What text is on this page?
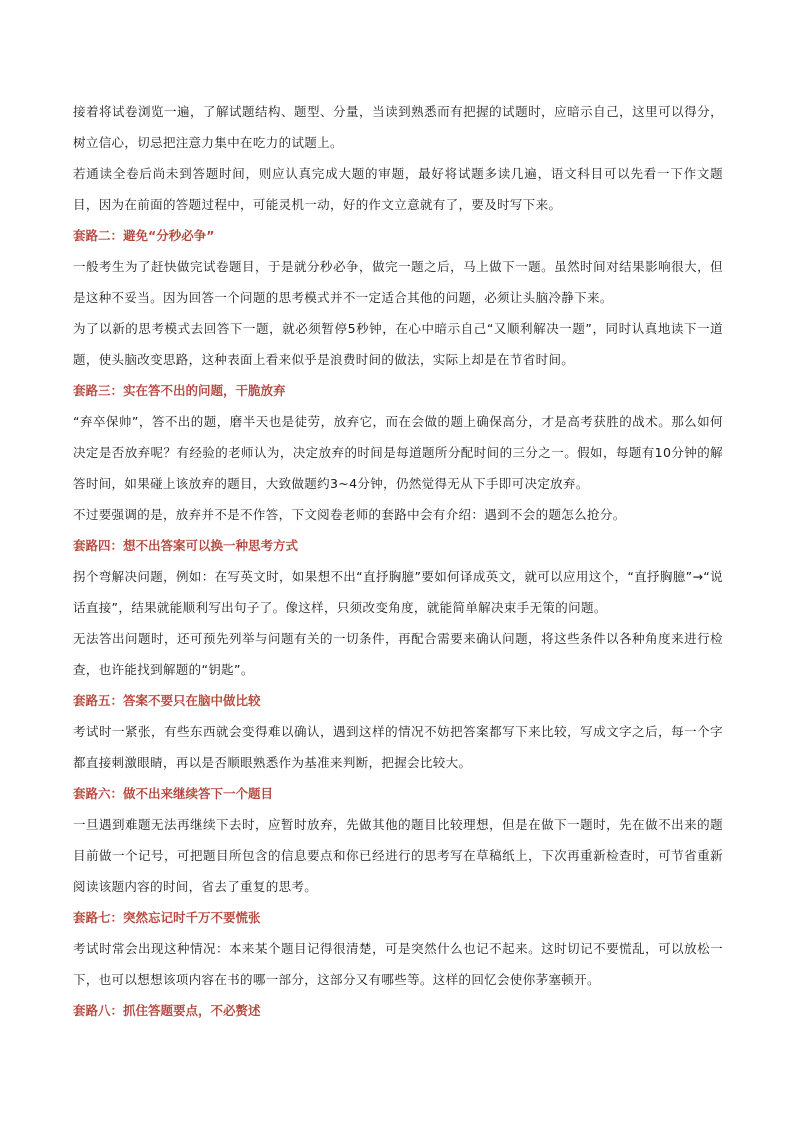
接着将试卷浏览一遍，了解试题结构、题型、分量，当读到熟悉而有把握的试题时，应暗示自己，这里可以得分，树立信心，切忌把注意力集中在吃力的试题上。

若通读全卷后尚未到答题时间，则应认真完成大题的审题，最好将试题多读几遍，语文科目可以先看一下作文题目，因为在前面的答题过程中，可能灵机一动，好的作文立意就有了，要及时写下来。

套路二：避免“分秒必争”

一般考生为了赶快做完试卷题目，于是就分秒必争，做完一题之后，马上做下一题。虽然时间对结果影响很大，但是这种不妥当。因为回答一个问题的思考模式并不一定适合其他的问题，必须让头脑冷静下来。

为了以新的思考模式去回答下一题，就必须暂停5秒钟，在心中暗示自己“又顺利解决一题”，同时认真地读下一道题，使头脑改变思路，这种表面上看来似乎是浪费时间的做法，实际上却是在节省时间。

套路三：实在答不出的问题，干脆放弃

“弃卒保帅”，答不出的题，磨半天也是徒劳，放弃它，而在会做的题上确保高分，才是高考获胜的战术。那么如何决定是否放弃呢？有经验的老师认为，决定放弃的时间是每道题所分配时间的三分之一。假如，每题有10分钟的解答时间，如果碰上该放弃的题目，大致做题约3~4分钟，仍然觉得无从下手即可决定放弃。

不过要强调的是，放弃并不是不作答，下文阅卷老师的套路中会有介绍：遇到不会的题怎么抢分。

套路四：想不出答案可以换一种思考方式

拐个弯解决问题，例如：在写英文时，如果想不出“直抒胸臆”要如何译成英文，就可以应用这个，“直抒胸臆”→“说话直接”，结果就能顺利写出句子了。像这样，只须改变角度，就能简单解决束手无策的问题。

无法答出问题时，还可预先列举与问题有关的一切条件，再配合需要来确认问题，将这些条件以各种角度来进行检查，也许能找到解题的“钥匙”。

套路五：答案不要只在脑中做比较

考试时一紧张，有些东西就会变得难以确认，遇到这样的情况不妨把答案都写下来比较，写成文字之后，每一个字都直接刺激眼睛，再以是否顺眼熟悉作为基准来判断，把握会比较大。

套路六：做不出来继续答下一个题目

一旦遇到难题无法再继续下去时，应暂时放弃，先做其他的题目比较理想，但是在做下一题时，先在做不出来的题目前做一个记号，可把题目所包含的信息要点和你已经进行的思考写在草稿纸上，下次再重新检查时，可节省重新阅读该题内容的时间，省去了重复的思考。

套路七：突然忘记时千万不要慌张

考试时常会出现这种情况：本来某个题目记得很清楚，可是突然什么也记不起来。这时切记不要慌乱，可以放松一下，也可以想想该项内容在书的哪一部分，这部分又有哪些等。这样的回忆会使你茅塞顿开。

套路八：抓住答题要点，不必赘述
